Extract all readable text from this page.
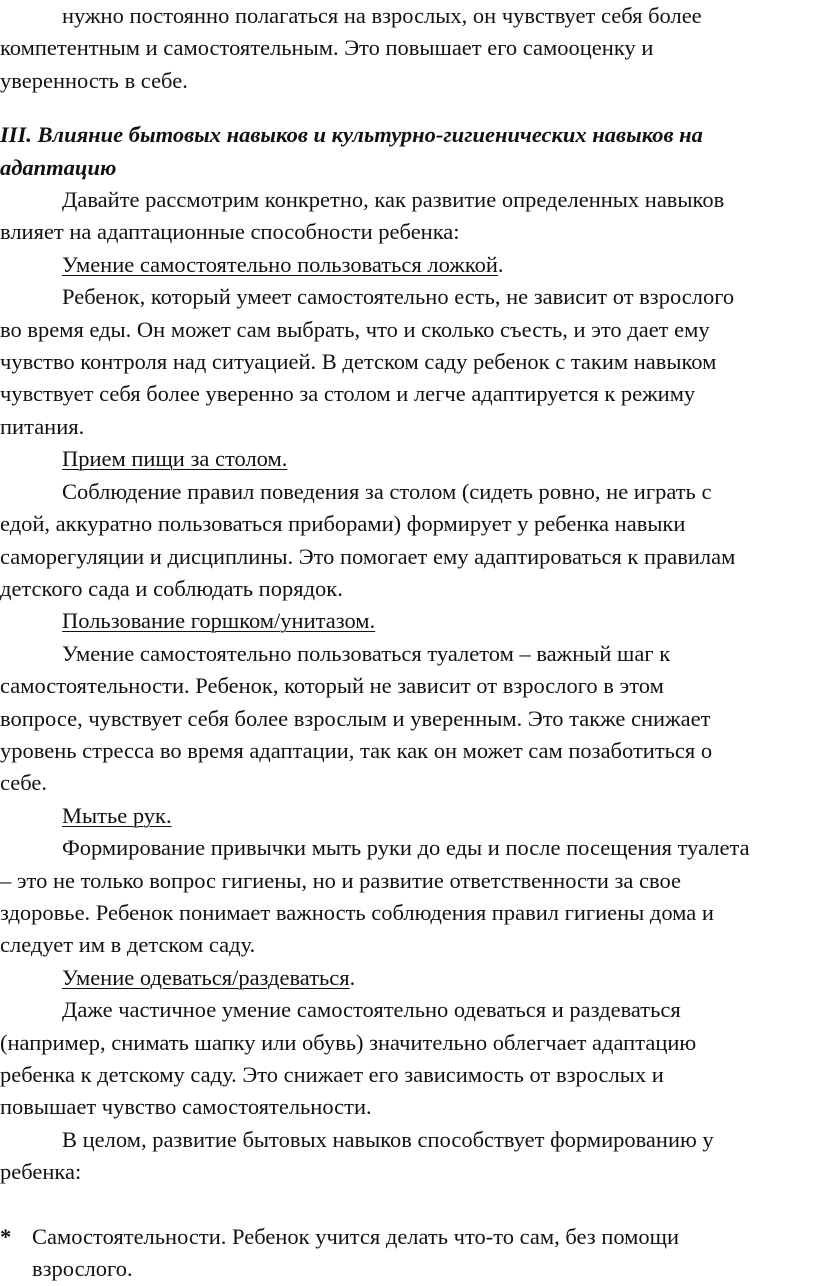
нужно постоянно полагаться на взрослых, он чувствует себя более

компетентным и самостоятельным. Это повышает его самооценку и

уверенность в себе.

III. Влияние бытовых навыков и культурно-гигиенических навыков на

адаптацию

Давайте рассмотрим конкретно, как развитие определенных навыков

влияет на адаптационные способности ребенка:

Умение самостоятельно пользоваться ложкой.

Ребенок, который умеет самостоятельно есть, не зависит от взрослого

во время еды. Он может сам выбрать, что и сколько съесть, и это дает ему

чувство контроля над ситуацией. В детском саду ребенок с таким навыком

чувствует себя более уверенно за столом и легче адаптируется к режиму

питания.

Прием пищи за столом.

Соблюдение правил поведения за столом (сидеть ровно, не играть с

едой, аккуратно пользоваться приборами) формирует у ребенка навыки

саморегуляции и дисциплины. Это помогает ему адаптироваться к правилам

детского сада и соблюдать порядок.

Пользование горшком/унитазом.

Умение самостоятельно пользоваться туалетом – важный шаг к

самостоятельности. Ребенок, который не зависит от взрослого в этом

вопросе, чувствует себя более взрослым и уверенным. Это также снижает

уровень стресса во время адаптации, так как он может сам позаботиться о

себе.

Мытье рук.

Формирование привычки мыть руки до еды и после посещения туалета

– это не только вопрос гигиены, но и развитие ответственности за свое

здоровье. Ребенок понимает важность соблюдения правил гигиены дома и

следует им в детском саду.

Умение одеваться/раздеваться.

Даже частичное умение самостоятельно одеваться и раздеваться

(например, снимать шапку или обувь) значительно облегчает адаптацию

ребенка к детскому саду. Это снижает его зависимость от взрослых и

повышает чувство самостоятельности.

В целом, развитие бытовых навыков способствует формированию у

ребенка:

* Самостоятельности. Ребенок учится делать что-то сам, без помощи

взрослого.
